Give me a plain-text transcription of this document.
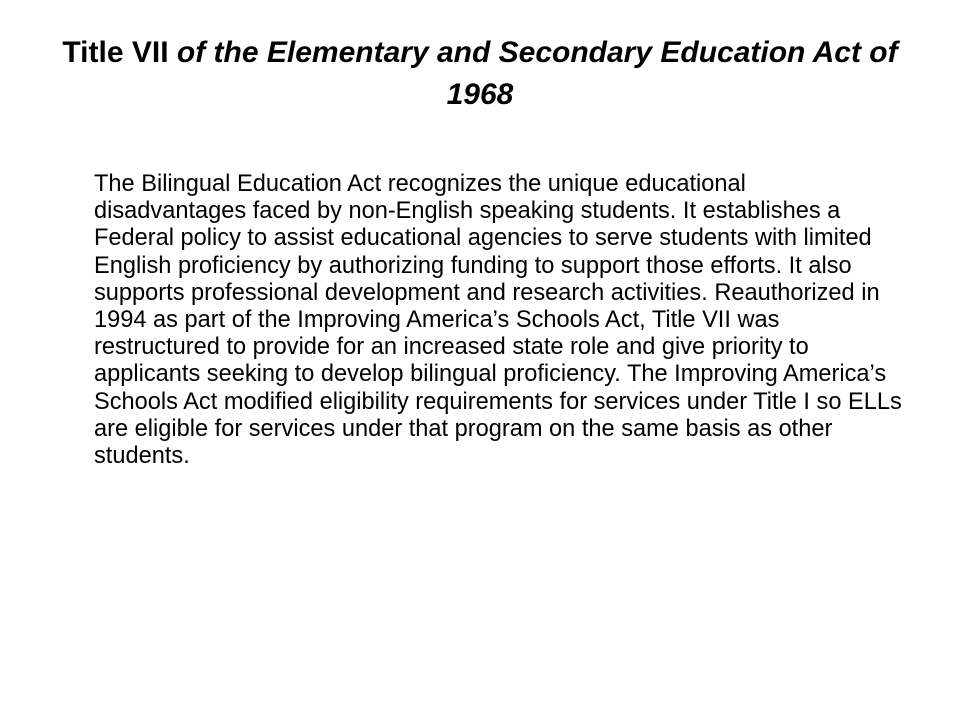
Title VII of the Elementary and Secondary Education Act of 1968

The Bilingual Education Act recognizes the unique educational disadvantages faced by non-English speaking students. It establishes a Federal policy to assist educational agencies to serve students with limited English proficiency by authorizing funding to support those efforts. It also supports professional development and research activities. Reauthorized in 1994 as part of the Improving America’s Schools Act, Title VII was restructured to provide for an increased state role and give priority to applicants seeking to develop bilingual proficiency. The Improving America’s Schools Act modified eligibility requirements for services under Title I so ELLs are eligible for services under that program on the same basis as other students.
